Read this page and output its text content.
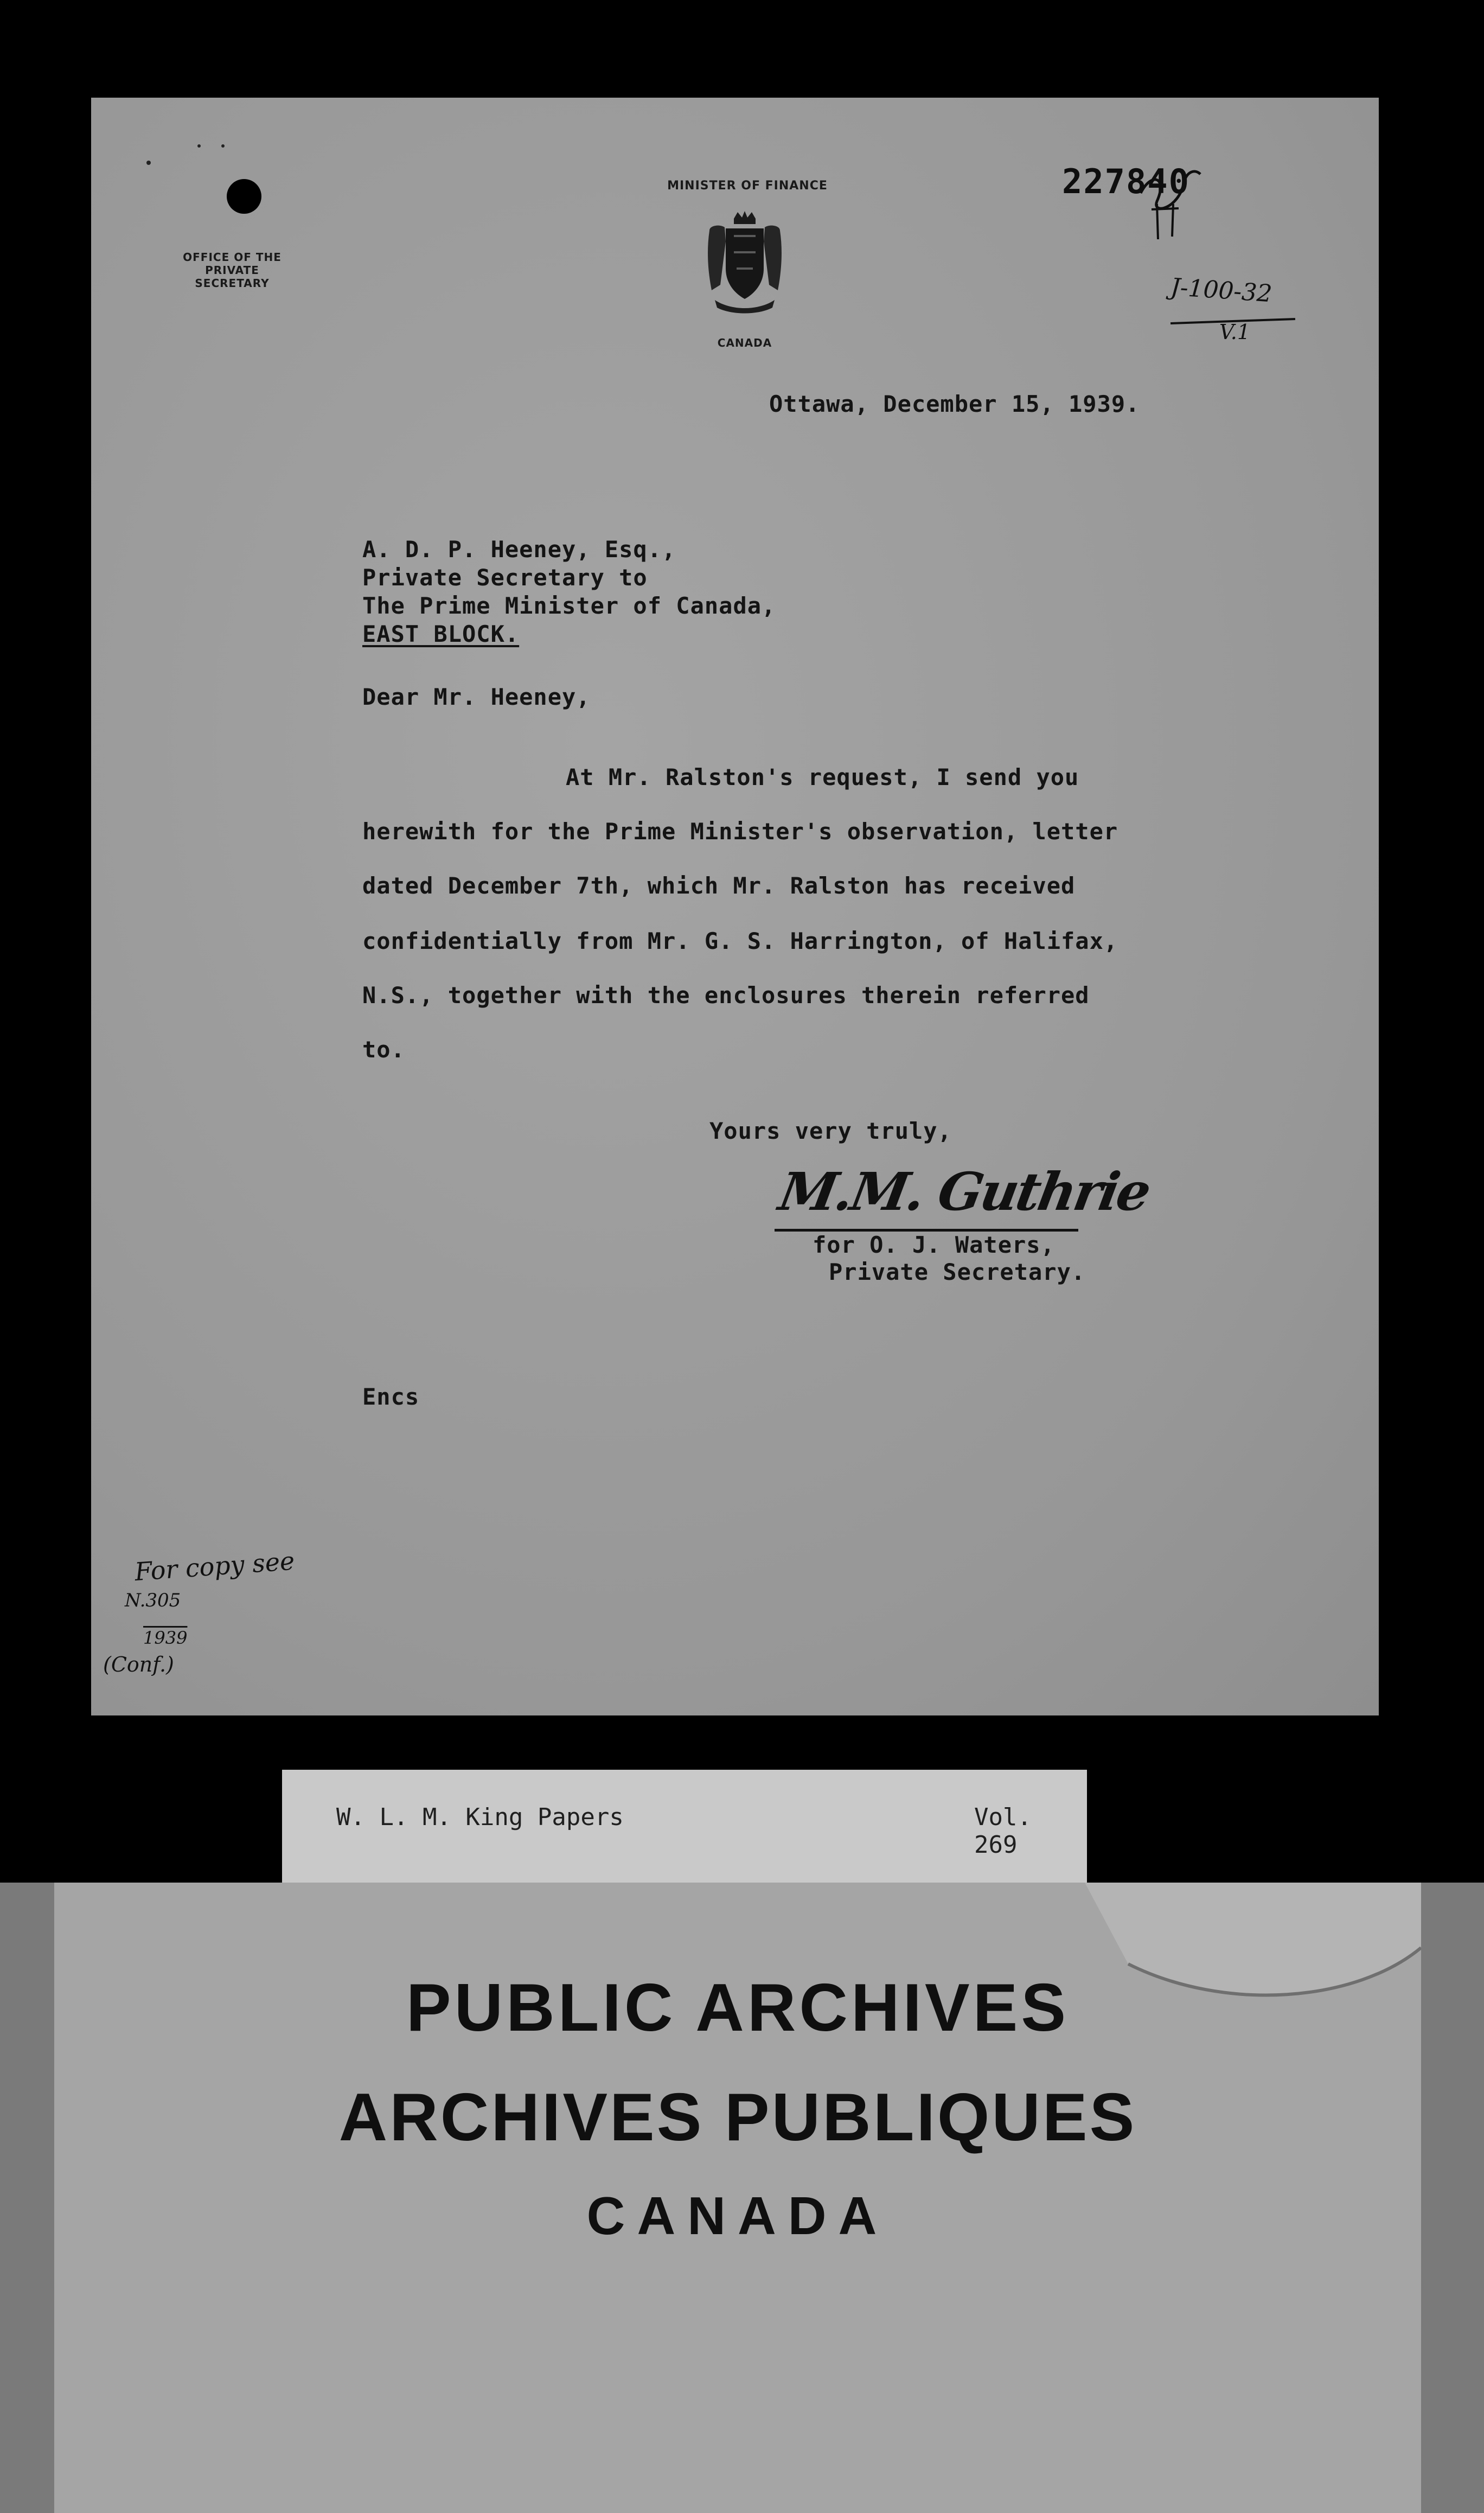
OFFICE OF THE
PRIVATE SECRETARY
MINISTER OF FINANCE
CANADA
227840
J-100-32
V.1
Ottawa, December 15, 1939.
A. D. P. Heeney, Esq.,
Private Secretary to
The Prime Minister of Canada,
EAST BLOCK.
Dear Mr. Heeney,
At Mr. Ralston's request, I send you
herewith for the Prime Minister's observation, letter
dated December 7th, which Mr. Ralston has received
confidentially from Mr. G. S. Harrington, of Halifax,
N.S., together with the enclosures therein referred
to.
Yours very truly,
M.M. Guthrie
for O. J. Waters,
Private Secretary.
Encs
For copy see
N.305
1939
(Conf.)
W. L. M. King Papers	Vol. 269
PUBLIC ARCHIVES
ARCHIVES PUBLIQUES
CANADA
